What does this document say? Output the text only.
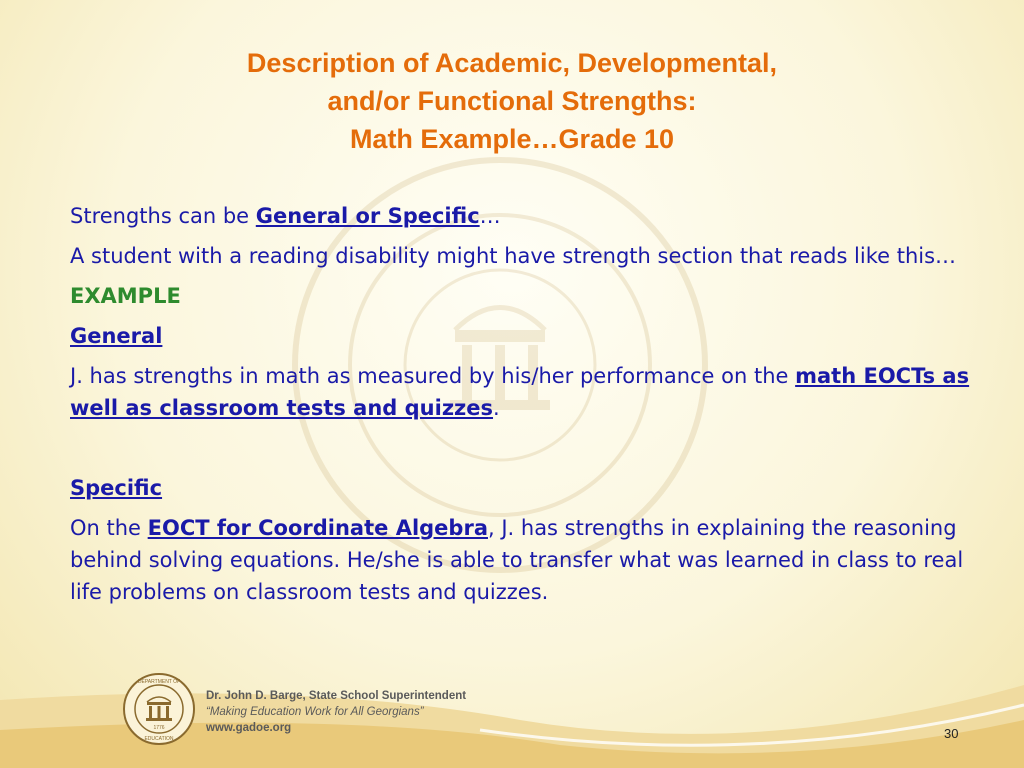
Description of Academic, Developmental,
and/or Functional Strengths:
Math Example…Grade 10

Strengths can be General or Specific…

A student with a reading disability might have strength section that reads like this…

EXAMPLE

General

J. has strengths in math as measured by his/her performance on the math EOCTs as well as classroom tests and quizzes.

Specific

On the EOCT for Coordinate Algebra, J. has strengths in explaining the reasoning behind solving equations. He/she is able to transfer what was learned in class to real life problems on classroom tests and quizzes.

DEPARTMENT OF
EDUCATION
1776
Dr. John D. Barge, State School Superintendent
“Making Education Work for All Georgians”
www.gadoe.org	30
